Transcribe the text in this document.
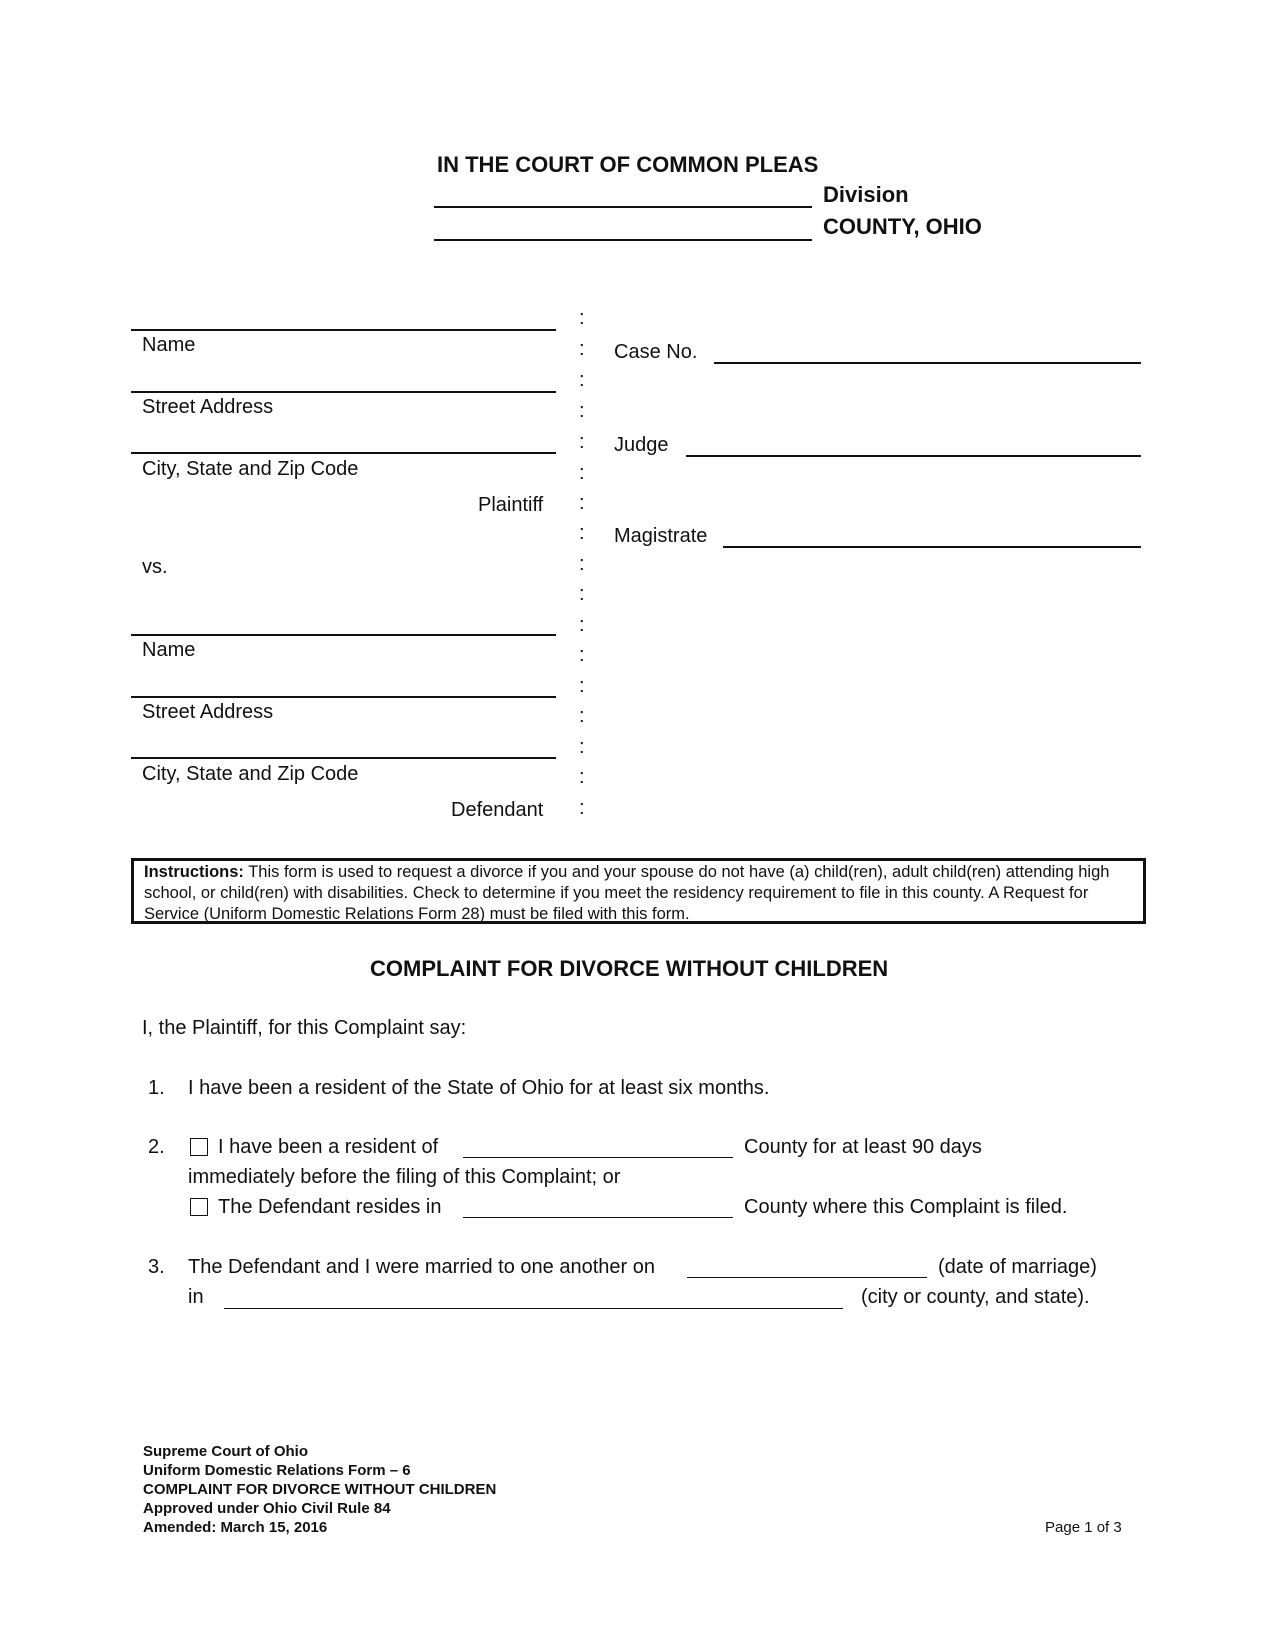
IN THE COURT OF COMMON PLEAS
Division
COUNTY, OHIO
Name
Street Address
City, State and Zip Code
Plaintiff
vs.
Name
Street Address
City, State and Zip Code
Defendant
:
:
:
:
:
:
:
:
:
:
:
:
:
:
:
:
:
Case No.
Judge
Magistrate
Instructions: This form is used to request a divorce if you and your spouse do not have (a) child(ren), adult child(ren) attending high school, or child(ren) with disabilities. Check to determine if you meet the residency requirement to file in this county. A Request for Service (Uniform Domestic Relations Form 28) must be filed with this form.
COMPLAINT FOR DIVORCE WITHOUT CHILDREN
I, the Plaintiff, for this Complaint say:
1. I have been a resident of the State of Ohio for at least six months.
2.	I have been a resident of	County for at least 90 days
immediately before the filing of this Complaint; or
The Defendant resides in	County where this Complaint is filed.
3. The Defendant and I were married to one another on	(date of marriage)
in	(city or county, and state).
Supreme Court of Ohio
Uniform Domestic Relations Form – 6
COMPLAINT FOR DIVORCE WITHOUT CHILDREN
Approved under Ohio Civil Rule 84
Amended: March 15, 2016	Page 1 of 3
